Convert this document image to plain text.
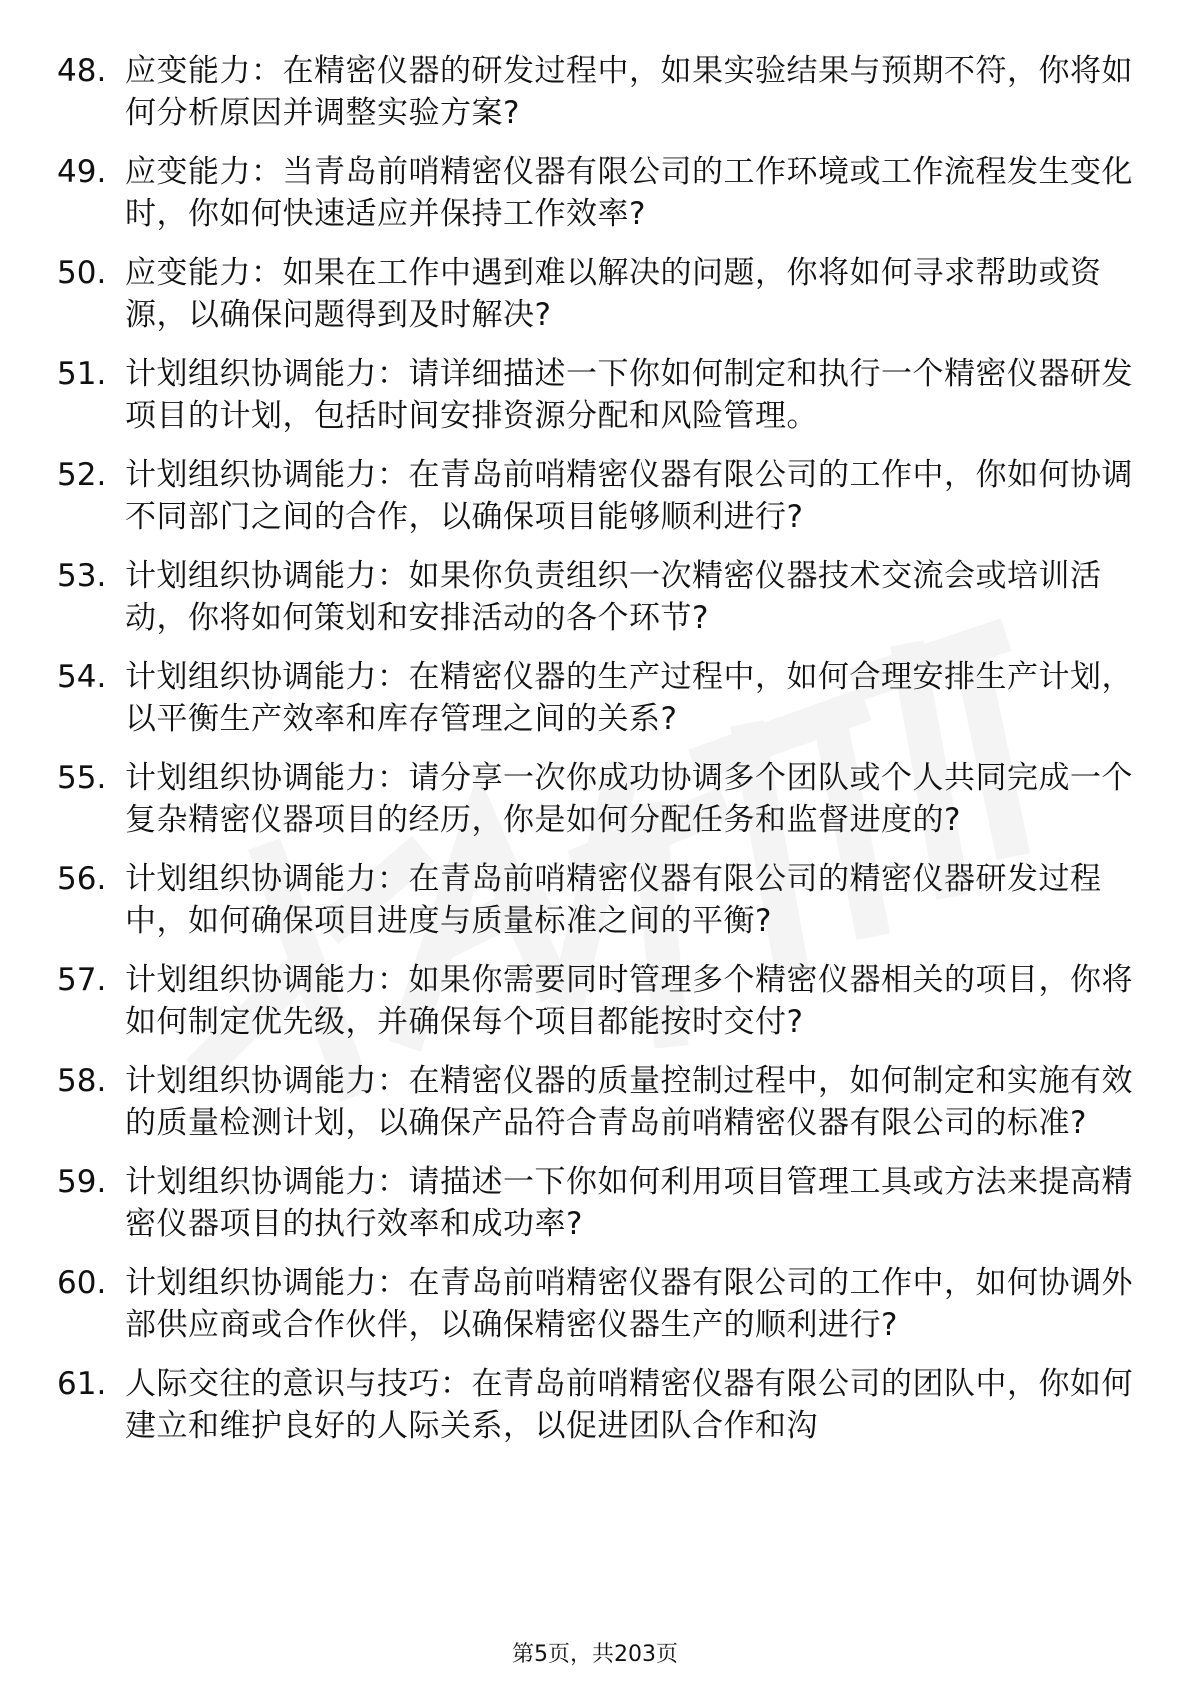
48. 应变能力：在精密仪器的研发过程中，如果实验结果与预期不符，你将如何分析原因并调整实验方案?
49. 应变能力：当青岛前哨精密仪器有限公司的工作环境或工作流程发生变化时，你如何快速适应并保持工作效率?
50. 应变能力：如果在工作中遇到难以解决的问题，你将如何寻求帮助或资源，以确保问题得到及时解决?
51. 计划组织协调能力：请详细描述一下你如何制定和执行一个精密仪器研发项目的计划，包括时间安排资源分配和风险管理。
52. 计划组织协调能力：在青岛前哨精密仪器有限公司的工作中，你如何协调不同部门之间的合作，以确保项目能够顺利进行?
53. 计划组织协调能力：如果你负责组织一次精密仪器技术交流会或培训活动，你将如何策划和安排活动的各个环节?
54. 计划组织协调能力：在精密仪器的生产过程中，如何合理安排生产计划，以平衡生产效率和库存管理之间的关系?
55. 计划组织协调能力：请分享一次你成功协调多个团队或个人共同完成一个复杂精密仪器项目的经历，你是如何分配任务和监督进度的?
56. 计划组织协调能力：在青岛前哨精密仪器有限公司的精密仪器研发过程中，如何确保项目进度与质量标准之间的平衡?
57. 计划组织协调能力：如果你需要同时管理多个精密仪器相关的项目，你将如何制定优先级，并确保每个项目都能按时交付?
58. 计划组织协调能力：在精密仪器的质量控制过程中，如何制定和实施有效的质量检测计划，以确保产品符合青岛前哨精密仪器有限公司的标准?
59. 计划组织协调能力：请描述一下你如何利用项目管理工具或方法来提高精密仪器项目的执行效率和成功率?
60. 计划组织协调能力：在青岛前哨精密仪器有限公司的工作中，如何协调外部供应商或合作伙伴，以确保精密仪器生产的顺利进行?
61. 人际交往的意识与技巧：在青岛前哨精密仪器有限公司的团队中，你如何建立和维护良好的人际关系，以促进团队合作和沟
第5页，共203页
